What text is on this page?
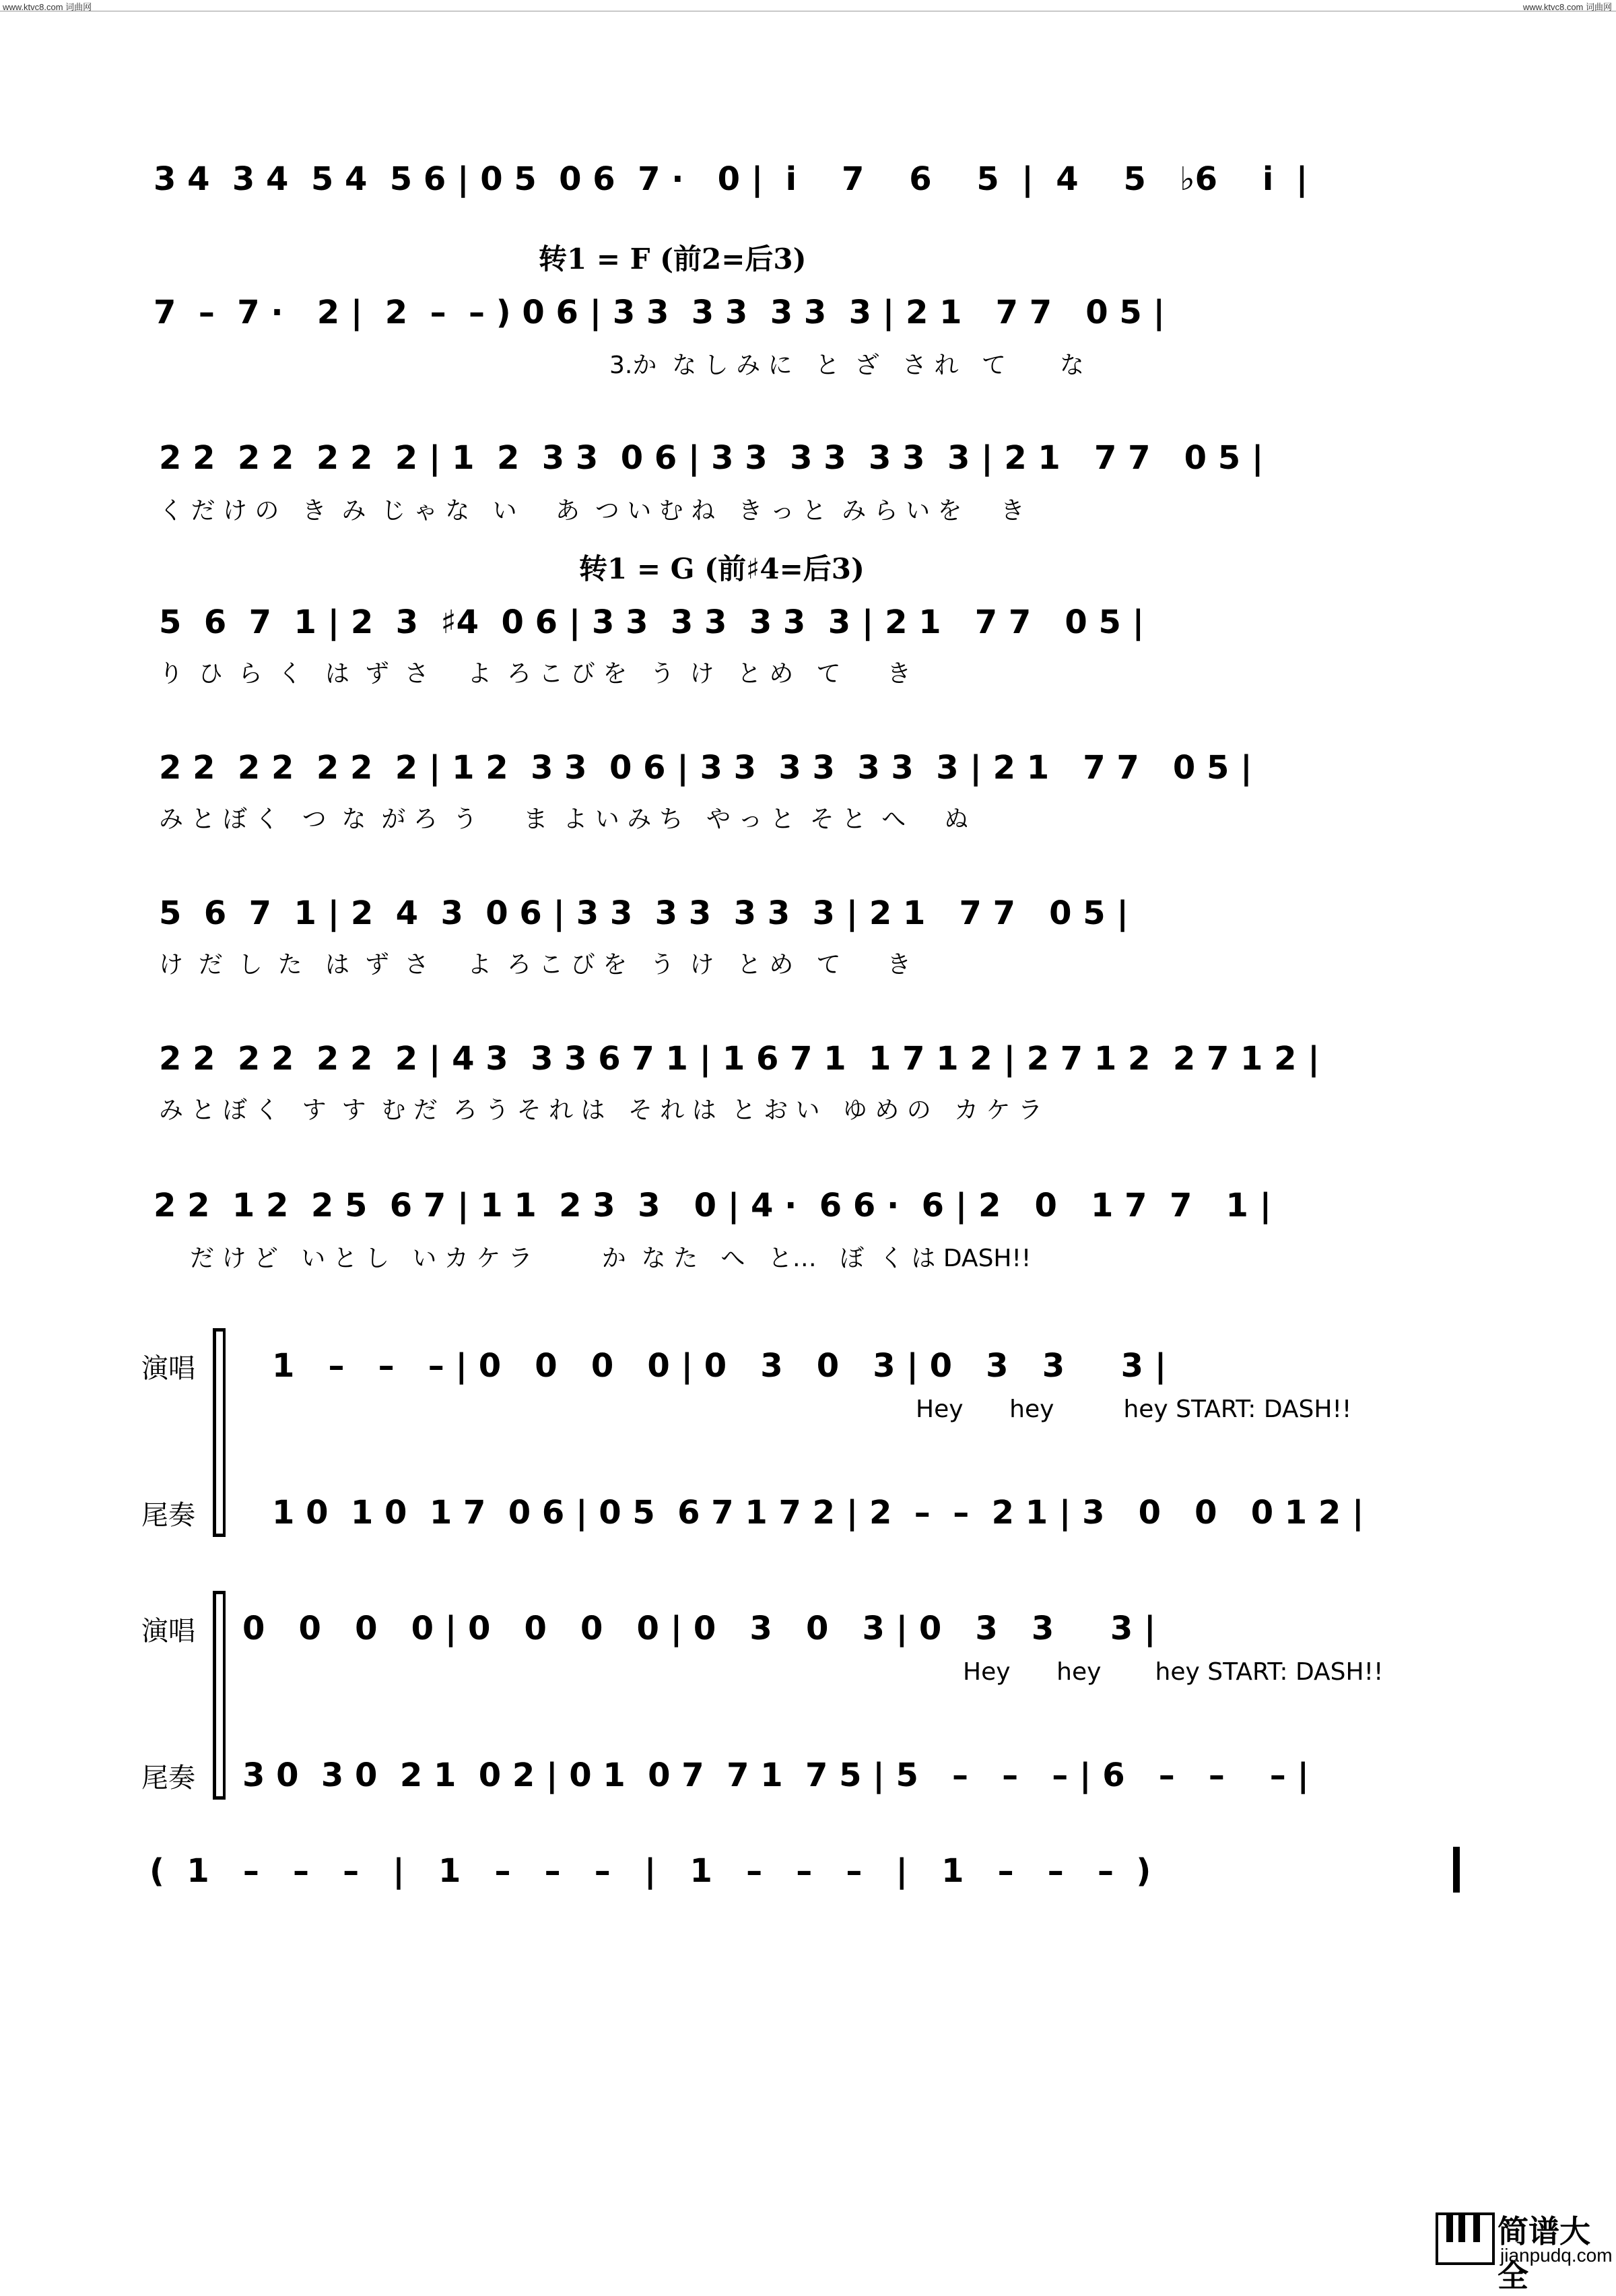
www.ktvc8.com 词曲网	www.ktvc8.com 词曲网
3 4  3 4  5 4  5 6 | 0 5  0 6  7 ·   0 |  i    7    6    5  |  4    5   ♭6    i  |
转1 = F (前2=后3)
7  –  7 ·   2 |  2  –  – ) 0 6 | 3 3  3 3  3 3  3 | 2 1   7 7   0 5 |
3.か  な し み に   と  ざ   さ れ   て       な
2 2  2 2  2 2  2 | 1  2  3 3  0 6 | 3 3  3 3  3 3  3 | 2 1   7 7   0 5 |
く だ け の   き  み  じ ゃ な   い     あ  つ い む ね   き っ と  み ら い を     き
转1 = G (前♯4=后3)
5  6  7  1 | 2  3  ♯4  0 6 | 3 3  3 3  3 3  3 | 2 1   7 7   0 5 |
り  ひ  ら  く   は  ず  さ     よ  ろ こ び を   う  け   と め   て      き
2 2  2 2  2 2  2 | 1 2  3 3  0 6 | 3 3  3 3  3 3  3 | 2 1   7 7   0 5 |
み と ぼ く   つ  な  が ろ  う      ま  よ い み ち   や っ と  そ と  へ     ぬ
5  6  7  1 | 2  4  3  0 6 | 3 3  3 3  3 3  3 | 2 1   7 7   0 5 |
け  だ  し  た   は  ず  さ     よ  ろ こ び を   う  け   と め   て      き
2 2  2 2  2 2  2 | 4 3  3 3 6 7 1 | 1 6 7 1  1 7 1 2 | 2 7 1 2  2 7 1 2 |
み と ぼ く   す  す  む だ  ろ う そ れ は   そ れ は  と お い   ゆ め の   カ ケ ラ
2 2  1 2  2 5  6 7 | 1 1  2 3  3   0 | 4 ·  6 6 ·  6 | 2   0   1 7  7   1 |
だ け ど   い と し   い カ ケ ラ         か  な た   へ   と…   ぼ  く は DASH!!
演唱 1   –   –   – | 0   0   0   0 | 0   3   0   3 | 0   3   3     3 |
Hey      hey         hey START: DASH!!
尾奏 1 0  1 0  1 7  0 6 | 0 5  6 7 1 7 2 | 2  –  –  2 1 | 3   0   0   0 1 2 |
演唱 0   0   0   0 | 0   0   0   0 | 0   3   0   3 | 0   3   3     3 |
Hey      hey       hey START: DASH!!
尾奏 3 0  3 0  2 1  0 2 | 0 1  0 7  7 1  7 5 | 5   –   –   – | 6   –   –    – |
(  1   –   –   –   |   1   –   –   –   |   1   –   –   –   |   1   –   –   –  )
简谱大全
jianpudq.com
